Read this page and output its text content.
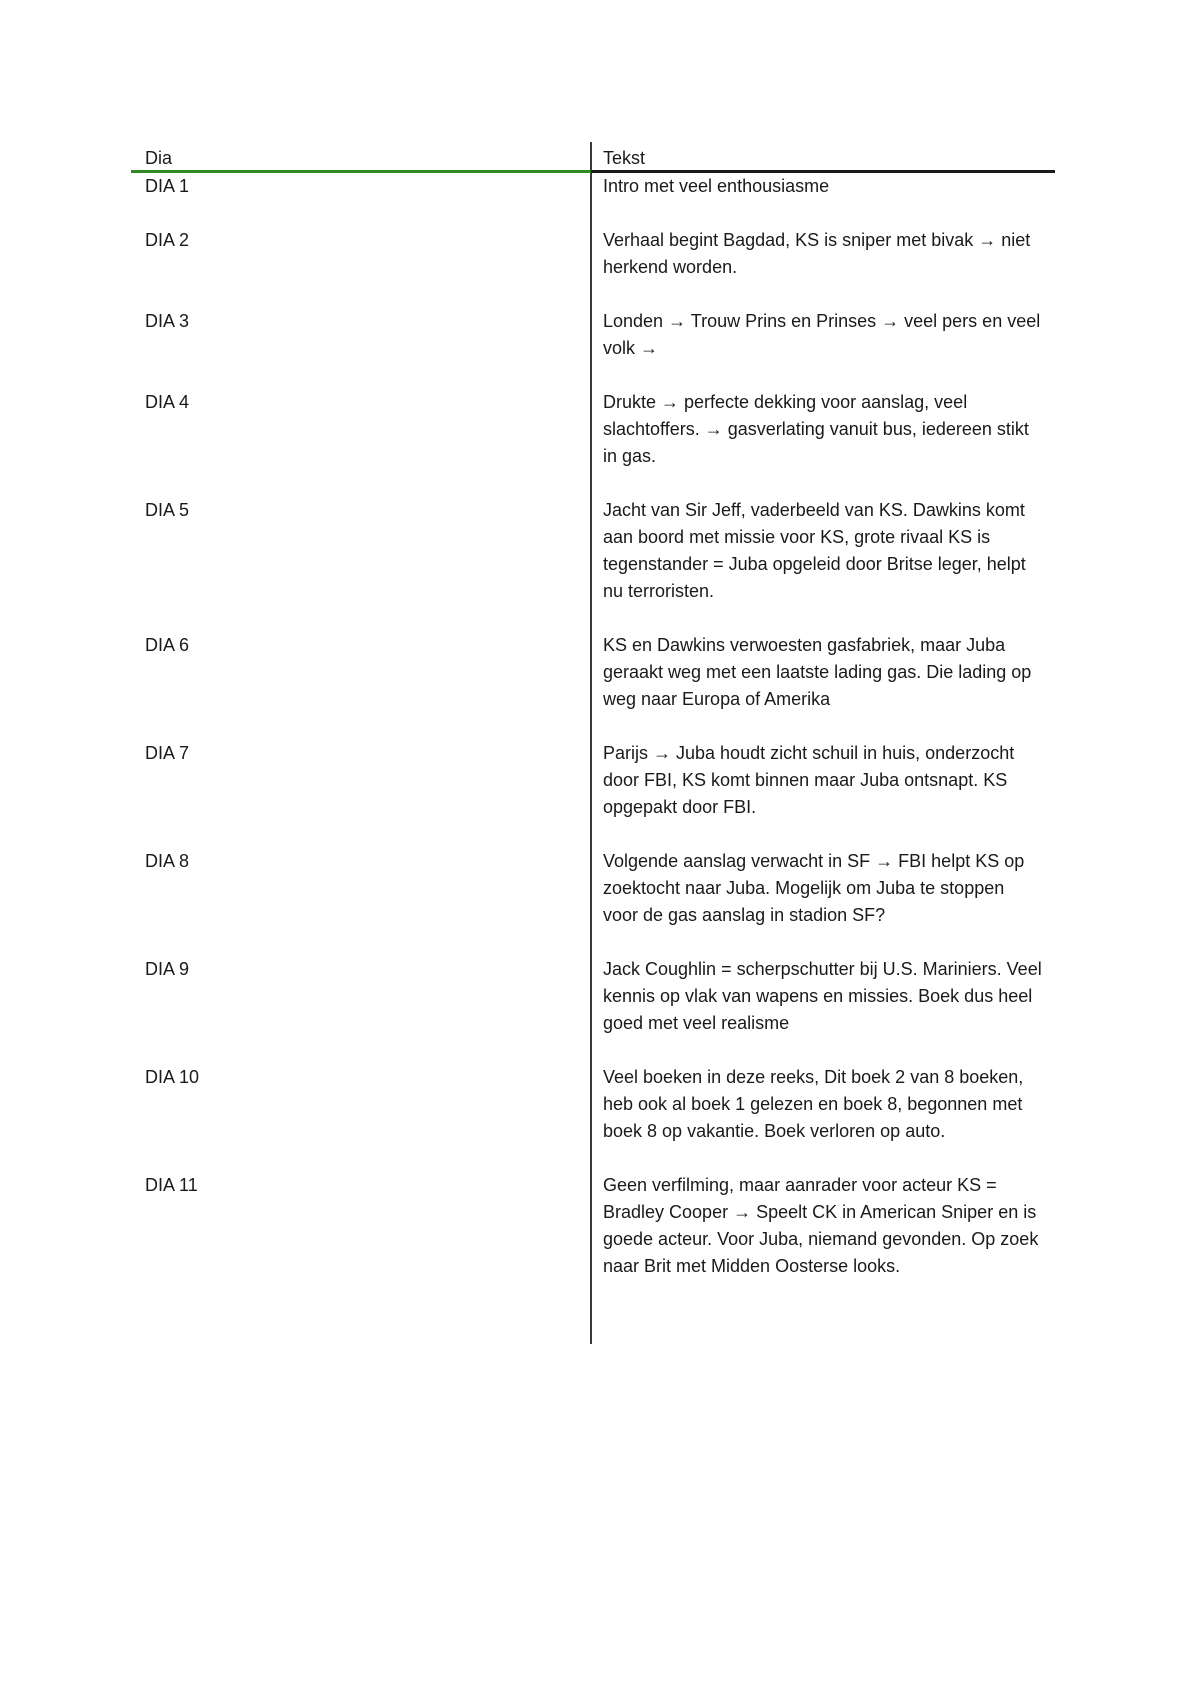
Dia	Tekst
DIA 1	Intro met veel enthousiasme
DIA 2	Verhaal begint Bagdad, KS is sniper met bivak → niet herkend worden.
DIA 3	Londen → Trouw Prins en Prinses → veel pers en veel volk →
DIA 4	Drukte → perfecte dekking voor aanslag, veel slachtoffers. → gasverlating vanuit bus, iedereen stikt in gas.
DIA 5	Jacht van Sir Jeff, vaderbeeld van KS. Dawkins komt aan boord met missie voor KS, grote rivaal KS is tegenstander = Juba opgeleid door Britse leger, helpt nu terroristen.
DIA 6	KS en Dawkins verwoesten gasfabriek, maar Juba geraakt weg met een laatste lading gas. Die lading op weg naar Europa of Amerika
DIA 7	Parijs → Juba houdt zicht schuil in huis, onderzocht door FBI, KS komt binnen maar Juba ontsnapt. KS opgepakt door FBI.
DIA 8	Volgende aanslag verwacht in SF → FBI helpt KS op zoektocht naar Juba. Mogelijk om Juba te stoppen voor de gas aanslag in stadion SF?
DIA 9	Jack Coughlin = scherpschutter bij U.S. Mariniers. Veel kennis op vlak van wapens en missies. Boek dus heel goed met veel realisme
DIA 10	Veel boeken in deze reeks, Dit boek 2 van 8 boeken, heb ook al boek 1 gelezen en boek 8, begonnen met boek 8 op vakantie. Boek verloren op auto.
DIA 11	Geen verfilming, maar aanrader voor acteur KS = Bradley Cooper → Speelt CK in American Sniper en is goede acteur. Voor Juba, niemand gevonden. Op zoek naar Brit met Midden Oosterse looks.
